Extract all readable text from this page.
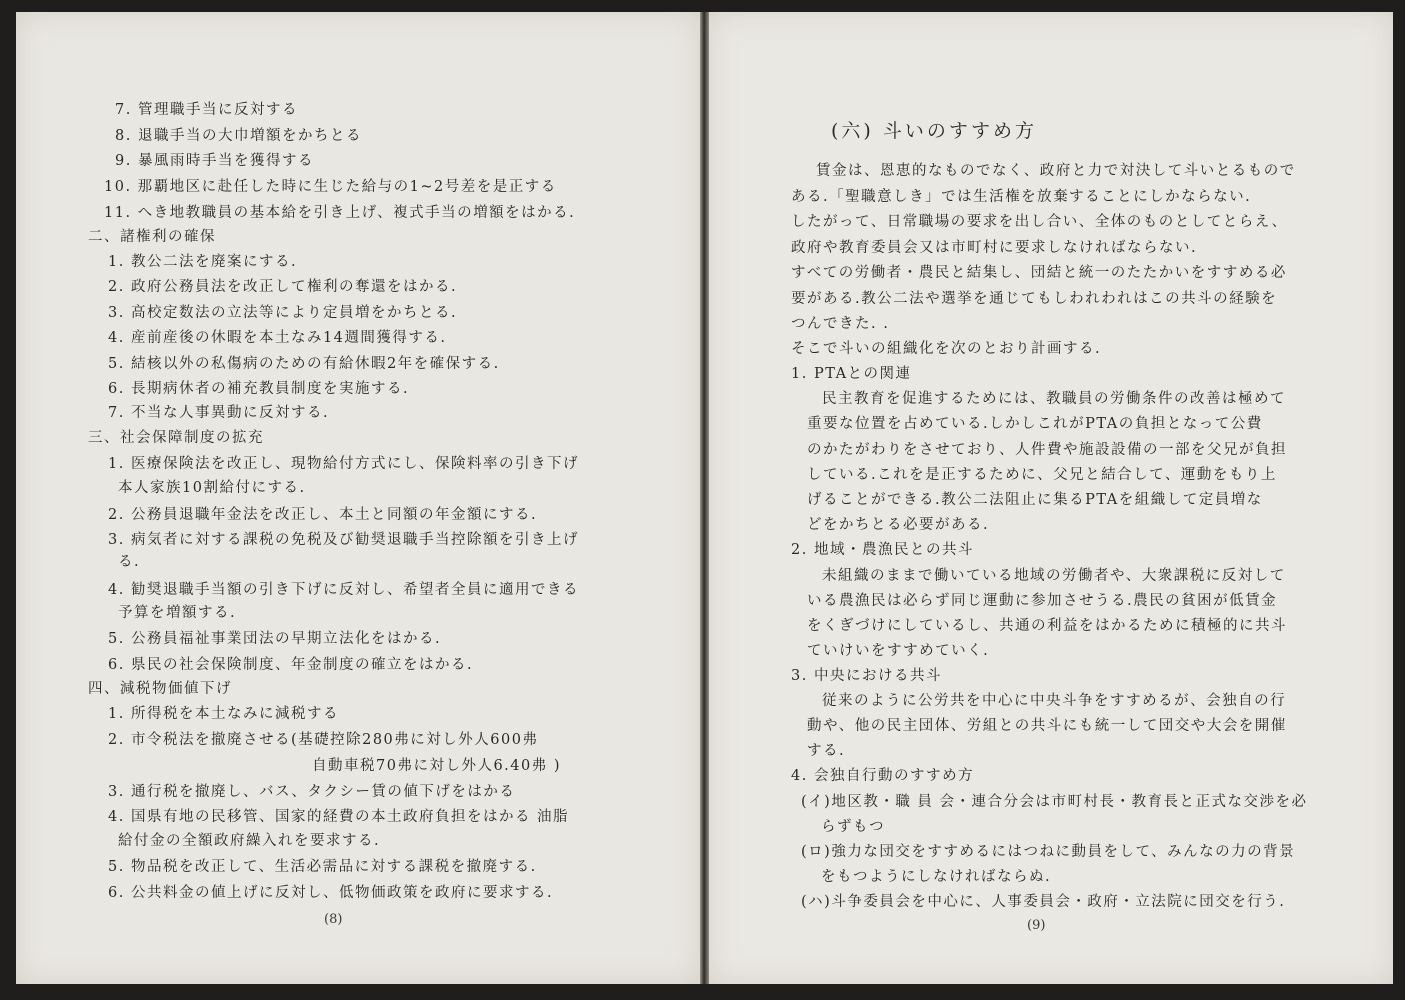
7. 管理職手当に反対する
8. 退職手当の大巾増額をかちとる
9. 暴風雨時手当を獲得する
10. 那覇地区に赴任した時に生じた給与の1~2号差を是正する
11. へき地教職員の基本給を引き上げ、複式手当の増額をはかる.
二、諸権利の確保
1. 教公二法を廃案にする.
2. 政府公務員法を改正して権利の奪還をはかる.
3. 高校定数法の立法等により定員増をかちとる.
4. 産前産後の休暇を本土なみ14週間獲得する.
5. 結核以外の私傷病のための有給休暇2年を確保する.
6. 長期病休者の補充教員制度を実施する.
7. 不当な人事異動に反対する.
三、社会保障制度の拡充
1. 医療保険法を改正し、現物給付方式にし、保険料率の引き下げ
本人家族10割給付にする.
2. 公務員退職年金法を改正し、本土と同額の年金額にする.
3. 病気者に対する課税の免税及び勧奨退職手当控除額を引き上げ
る.
4. 勧奨退職手当額の引き下げに反対し、希望者全員に適用できる
予算を増額する.
5. 公務員福祉事業団法の早期立法化をはかる.
6. 県民の社会保険制度、年金制度の確立をはかる.
四、減税物価値下げ
1. 所得税を本土なみに減税する
2. 市令税法を撤廃させる(基礎控除280弗に対し外人600弗
自動車税70弗に対し外人6.40弗 )
3. 通行税を撤廃し、バス、タクシー賃の値下げをはかる
4. 国県有地の民移管、国家的経費の本土政府負担をはかる 油脂
給付金の全額政府繰入れを要求する.
5. 物品税を改正して、生活必需品に対する課税を撤廃する.
6. 公共料金の値上げに反対し、低物価政策を政府に要求する.
(8)
(六) 斗いのすすめ方
賃金は、恩恵的なものでなく、政府と力で対決して斗いとるもので
ある.「聖職意しき」では生活権を放棄することにしかならない.
したがって、日常職場の要求を出し合い、全体のものとしてとらえ、
政府や教育委員会又は市町村に要求しなければならない.
すべての労働者・農民と結集し、団結と統一のたたかいをすすめる必
要がある.教公二法や選挙を通じてもしわれわれはこの共斗の経験を
つんできた. .
そこで斗いの組織化を次のとおり計画する.
1. PTAとの関連
民主教育を促進するためには、教職員の労働条件の改善は極めて
重要な位置を占めている.しかしこれがPTAの負担となって公費
のかたがわりをさせており、人件費や施設設備の一部を父兄が負担
している.これを是正するために、父兄と結合して、運動をもり上
げることができる.教公二法阻止に集るPTAを組織して定員増な
どをかちとる必要がある.
2. 地域・農漁民との共斗
未組織のままで働いている地域の労働者や、大衆課税に反対して
いる農漁民は必らず同じ運動に参加させうる.農民の貧困が低賃金
をくぎづけにしているし、共通の利益をはかるために積極的に共斗
ていけいをすすめていく.
3. 中央における共斗
従来のように公労共を中心に中央斗争をすすめるが、会独自の行
動や、他の民主団体、労組との共斗にも統一して団交や大会を開催
する.
4. 会独自行動のすすめ方
(イ)地区教・職 員 会・連合分会は市町村長・教育長と正式な交渉を必
らずもつ
(ロ)強力な団交をすすめるにはつねに動員をして、みんなの力の背景
をもつようにしなければならぬ.
(ハ)斗争委員会を中心に、人事委員会・政府・立法院に団交を行う.
(9)
